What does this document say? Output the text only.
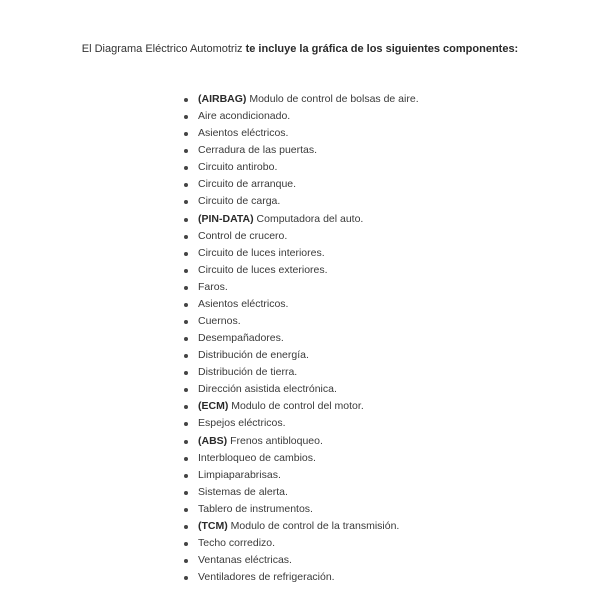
El Diagrama Eléctrico Automotriz te incluye la gráfica de los siguientes componentes:

(AIRBAG) Modulo de control de bolsas de aire.
Aire acondicionado.
Asientos eléctricos.
Cerradura de las puertas.
Circuito antirobo.
Circuito de arranque.
Circuito de carga.
(PIN-DATA) Computadora del auto.
Control de crucero.
Circuito de luces interiores.
Circuito de luces exteriores.
Faros.
Asientos eléctricos.
Cuernos.
Desempañadores.
Distribución de energía.
Distribución de tierra.
Dirección asistida electrónica.
(ECM) Modulo de control del motor.
Espejos eléctricos.
(ABS) Frenos antibloqueo.
Interbloqueo de cambios.
Limpiaparabrisas.
Sistemas de alerta.
Tablero de instrumentos.
(TCM) Modulo de control de la transmisión.
Techo corredizo.
Ventanas eléctricas.
Ventiladores de refrigeración.
